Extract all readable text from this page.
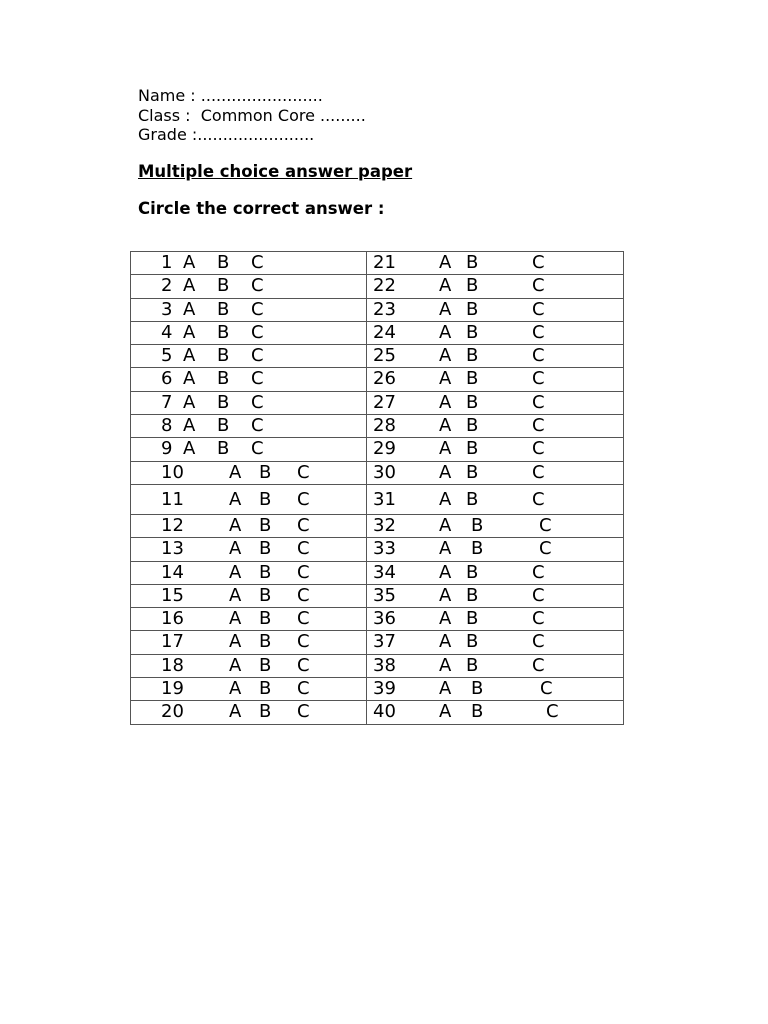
Name : ........................
Class :  Common Core .........
Grade :.......................
Multiple choice answer paper
Circle the correct answer :
1 A B C	21 A B C

2 A B C	22 A B C

3 A B C	23 A B C

4 A B C	24 A B C

5 A B C	25 A B C

6 A B C	26 A B C

7 A B C	27 A B C

8 A B C	28 A B C

9 A B C	29 A B C

10 A B C	30 A B C

11 A B C	31 A B C

12 A B C	32 A B C

13 A B C	33 A B C

14 A B C	34 A B C

15 A B C	35 A B C

16 A B C	36 A B C

17 A B C	37 A B C

18 A B C	38 A B C

19 A B C	39 A B C

20 A B C	40 A B C
